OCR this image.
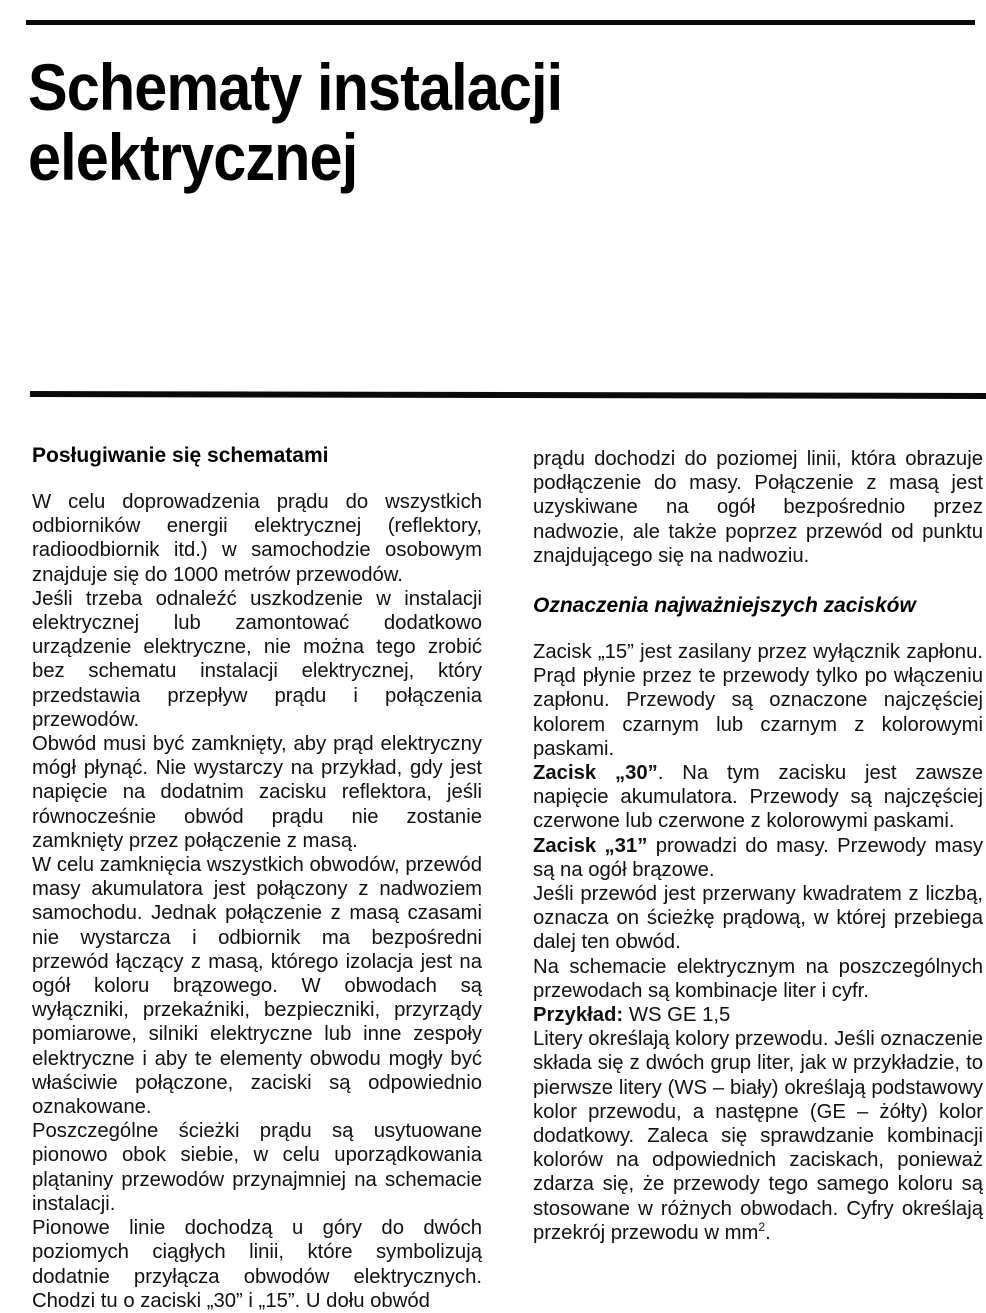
Schematy instalacji
elektrycznej
Posługiwanie się schematami

W celu doprowadzenia prądu do wszystkich odbiorników energii elektrycznej (reflektory, radioodbiornik itd.) w samochodzie osobowym znajduje się do 1000 metrów przewodów.

Jeśli trzeba odnaleźć uszkodzenie w instalacji elektrycznej lub zamontować dodatkowo urządzenie elektryczne, nie można tego zrobić bez schematu instalacji elektrycznej, który przedstawia przepływ prądu i połączenia przewodów.

Obwód musi być zamknięty, aby prąd elektryczny mógł płynąć. Nie wystarczy na przykład, gdy jest napięcie na dodatnim zacisku reflektora, jeśli równocześnie obwód prądu nie zostanie zamknięty przez połączenie z masą.

W celu zamknięcia wszystkich obwodów, przewód masy akumulatora jest połączony z nadwoziem samochodu. Jednak połączenie z masą czasami nie wystarcza i odbiornik ma bezpośredni przewód łączący z masą, którego izolacja jest na ogół koloru brązowego. W obwodach są wyłączniki, przekaźniki, bezpieczniki, przyrządy pomiarowe, silniki elektryczne lub inne zespoły elektryczne i aby te elementy obwodu mogły być właściwie połączone, zaciski są odpowiednio oznakowane.

Poszczególne ścieżki prądu są usytuowane pionowo obok siebie, w celu uporządkowania plątaniny przewodów przynajmniej na schemacie instalacji.

Pionowe linie dochodzą u góry do dwóch poziomych ciągłych linii, które symbolizują dodatnie przyłącza obwodów elektrycznych. Chodzi tu o zaciski „30” i „15”. U dołu obwód

prądu dochodzi do poziomej linii, która obrazuje podłączenie do masy. Połączenie z masą jest uzyskiwane na ogół bezpośrednio przez nadwozie, ale także poprzez przewód od punktu znajdującego się na nadwoziu.

Oznaczenia najważniejszych zacisków

Zacisk „15” jest zasilany przez wyłącznik zapłonu. Prąd płynie przez te przewody tylko po włączeniu zapłonu. Przewody są oznaczone najczęściej kolorem czarnym lub czarnym z kolorowymi paskami.

Zacisk „30”. Na tym zacisku jest zawsze napięcie akumulatora. Przewody są najczęściej czerwone lub czerwone z kolorowymi paskami.

Zacisk „31” prowadzi do masy. Przewody masy są na ogół brązowe.

Jeśli przewód jest przerwany kwadratem z liczbą, oznacza on ścieżkę prądową, w której przebiega dalej ten obwód.

Na schemacie elektrycznym na poszczególnych przewodach są kombinacje liter i cyfr.

Przykład: WS GE 1,5

Litery określają kolory przewodu. Jeśli oznaczenie składa się z dwóch grup liter, jak w przykładzie, to pierwsze litery (WS – biały) określają podstawowy kolor przewodu, a następne (GE – żółty) kolor dodatkowy. Zaleca się sprawdzanie kombinacji kolorów na odpowiednich zaciskach, ponieważ zdarza się, że przewody tego samego koloru są stosowane w różnych obwodach. Cyfry określają przekrój przewodu w $mm^2$.
